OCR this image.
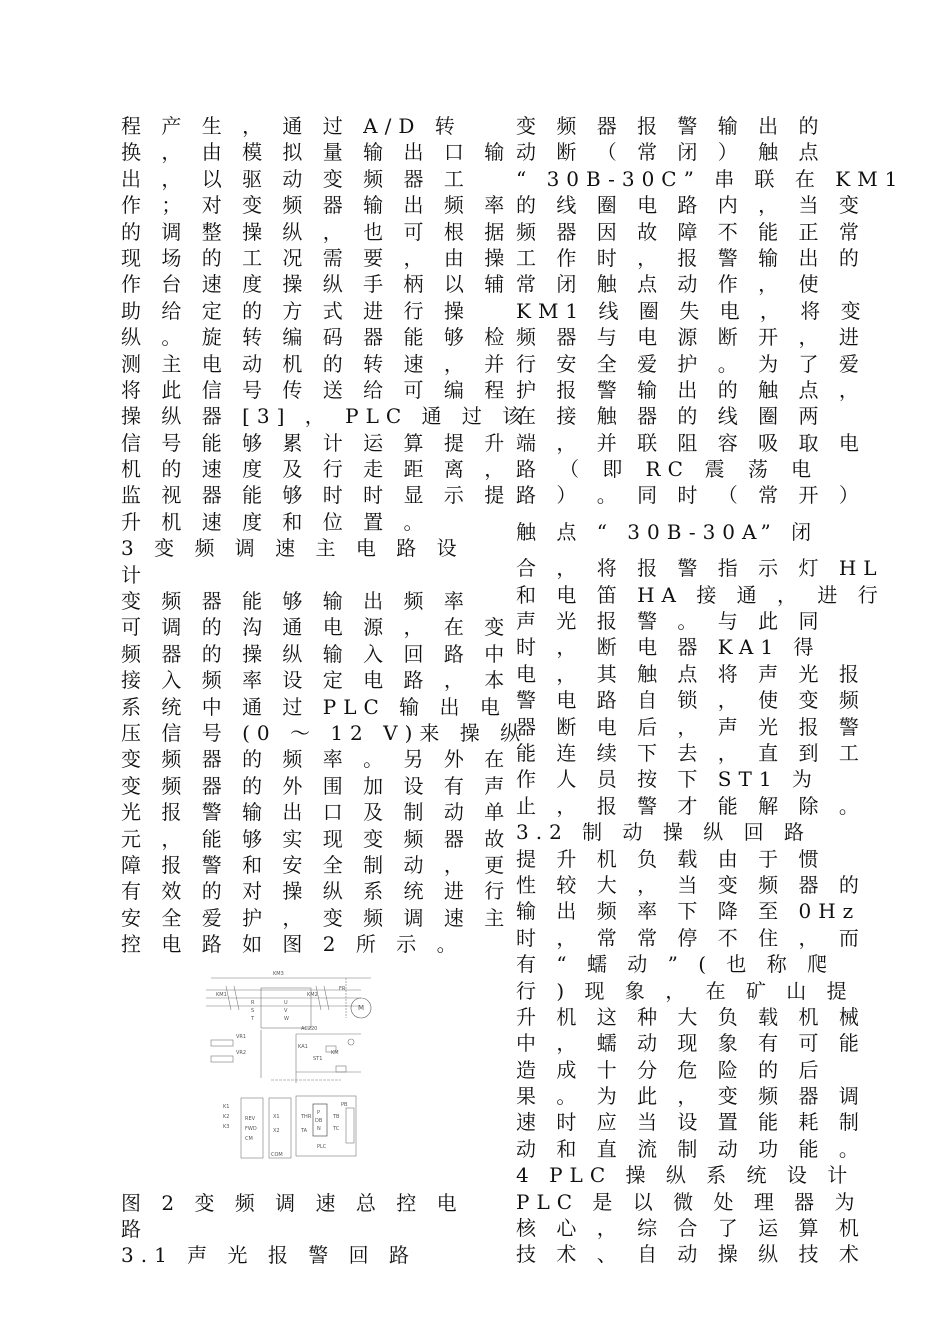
程 产 生 ， 通 过 A/D 转
换 ， 由 模 拟 量 输 出 口 输
出 ， 以 驱 动 变 频 器 工
作 ； 对 变 频 器 输 出 频 率
的 调 整 操 纵 ， 也 可 根 据
现 场 的 工 况 需 要 ， 由 操
作 台 速 度 操 纵 手 柄 以 辅
助 给 定 的 方 式 进 行 操
纵 。 旋 转 编 码 器 能 够 检
测 主 电 动 机 的 转 速 ， 并
将 此 信 号 传 送 给 可 编 程
操 纵 器 [3] ， PLC 通 过 该
信 号 能 够 累 计 运 算 提 升
机 的 速 度 及 行 走 距 离 ，
监 视 器 能 够 时 时 显 示 提
升 机 速 度 和 位 置 。
3 变 频 调 速 主 电 路 设
计
变 频 器 能 够 输 出 频 率
可 调 的 沟 通 电 源 ， 在 变
频 器 的 操 纵 输 入 回 路 中
接 入 频 率 设 定 电 路 ， 本
系 统 中 通 过 PLC 输 出 电
压 信 号 (0 ～ 12 V)来 操 纵
变 频 器 的 频 率 。 另 外 在
变 频 器 的 外 围 加 设 有 声
光 报 警 输 出 口 及 制 动 单
元 ， 能 够 实 现 变 频 器 故
障 报 警 和 安 全 制 动 ， 更
有 效 的 对 操 纵 系 统 进 行
安 全 爱 护 ， 变 频 调 速 主
控 电 路 如 图 2 所 示 。
KM3
KM1
R
S
T
U
V
W
KM2
FR
M
VR1
VR2
AC220
KA1
ST1
KM
K1
K2
K3
REV
FWD
CM
X1
X2
COM
THR
TA
P
DB
N
PB
TB
TC
PLC
图 2 变 频 调 速 总 控 电
路
3.1 声 光 报 警 回 路
变 频 器 报 警 输 出 的
动 断 （ 常 闭 ） 触 点
“ 30B-30C” 串 联 在 KM1
的 线 圈 电 路 内 ， 当 变
频 器 因 故 障 不 能 正 常
工 作 时 ， 报 警 输 出 的
常 闭 触 点 动 作 ， 使
KM1 线 圈 失 电 ， 将 变
频 器 与 电 源 断 开 ， 进
行 安 全 爱 护 。 为 了 爱
护 报 警 输 出 的 触 点 ，
在 接 触 器 的 线 圈 两
端 ， 并 联 阻 容 吸 取 电
路 （ 即 RC 震 荡 电
路 ） 。 同 时 （ 常 开 ）
触 点 “ 30B-30A” 闭
合 ， 将 报 警 指 示 灯 HL
和 电 笛 HA 接 通 ， 进 行
声 光 报 警 。 与 此 同
时 ， 断 电 器 KA1 得
电 ， 其 触 点 将 声 光 报
警 电 路 自 锁 ， 使 变 频
器 断 电 后 ， 声 光 报 警
能 连 续 下 去 ， 直 到 工
作 人 员 按 下 ST1 为
止 ， 报 警 才 能 解 除 。
3.2 制 动 操 纵 回 路
提 升 机 负 载 由 于 惯
性 较 大 ， 当 变 频 器 的
输 出 频 率 下 降 至 0Hz
时 ， 常 常 停 不 住 ， 而
有 “ 蠕 动 ” ( 也 称 爬
行 ) 现 象 ， 在 矿 山 提
升 机 这 种 大 负 载 机 械
中 ， 蠕 动 现 象 有 可 能
造 成 十 分 危 险 的 后
果 。 为 此 ， 变 频 器 调
速 时 应 当 设 置 能 耗 制
动 和 直 流 制 动 功 能 。
4 PLC 操 纵 系 统 设 计
PLC 是 以 微 处 理 器 为
核 心 ， 综 合 了 运 算 机
技 术 、 自 动 操 纵 技 术
